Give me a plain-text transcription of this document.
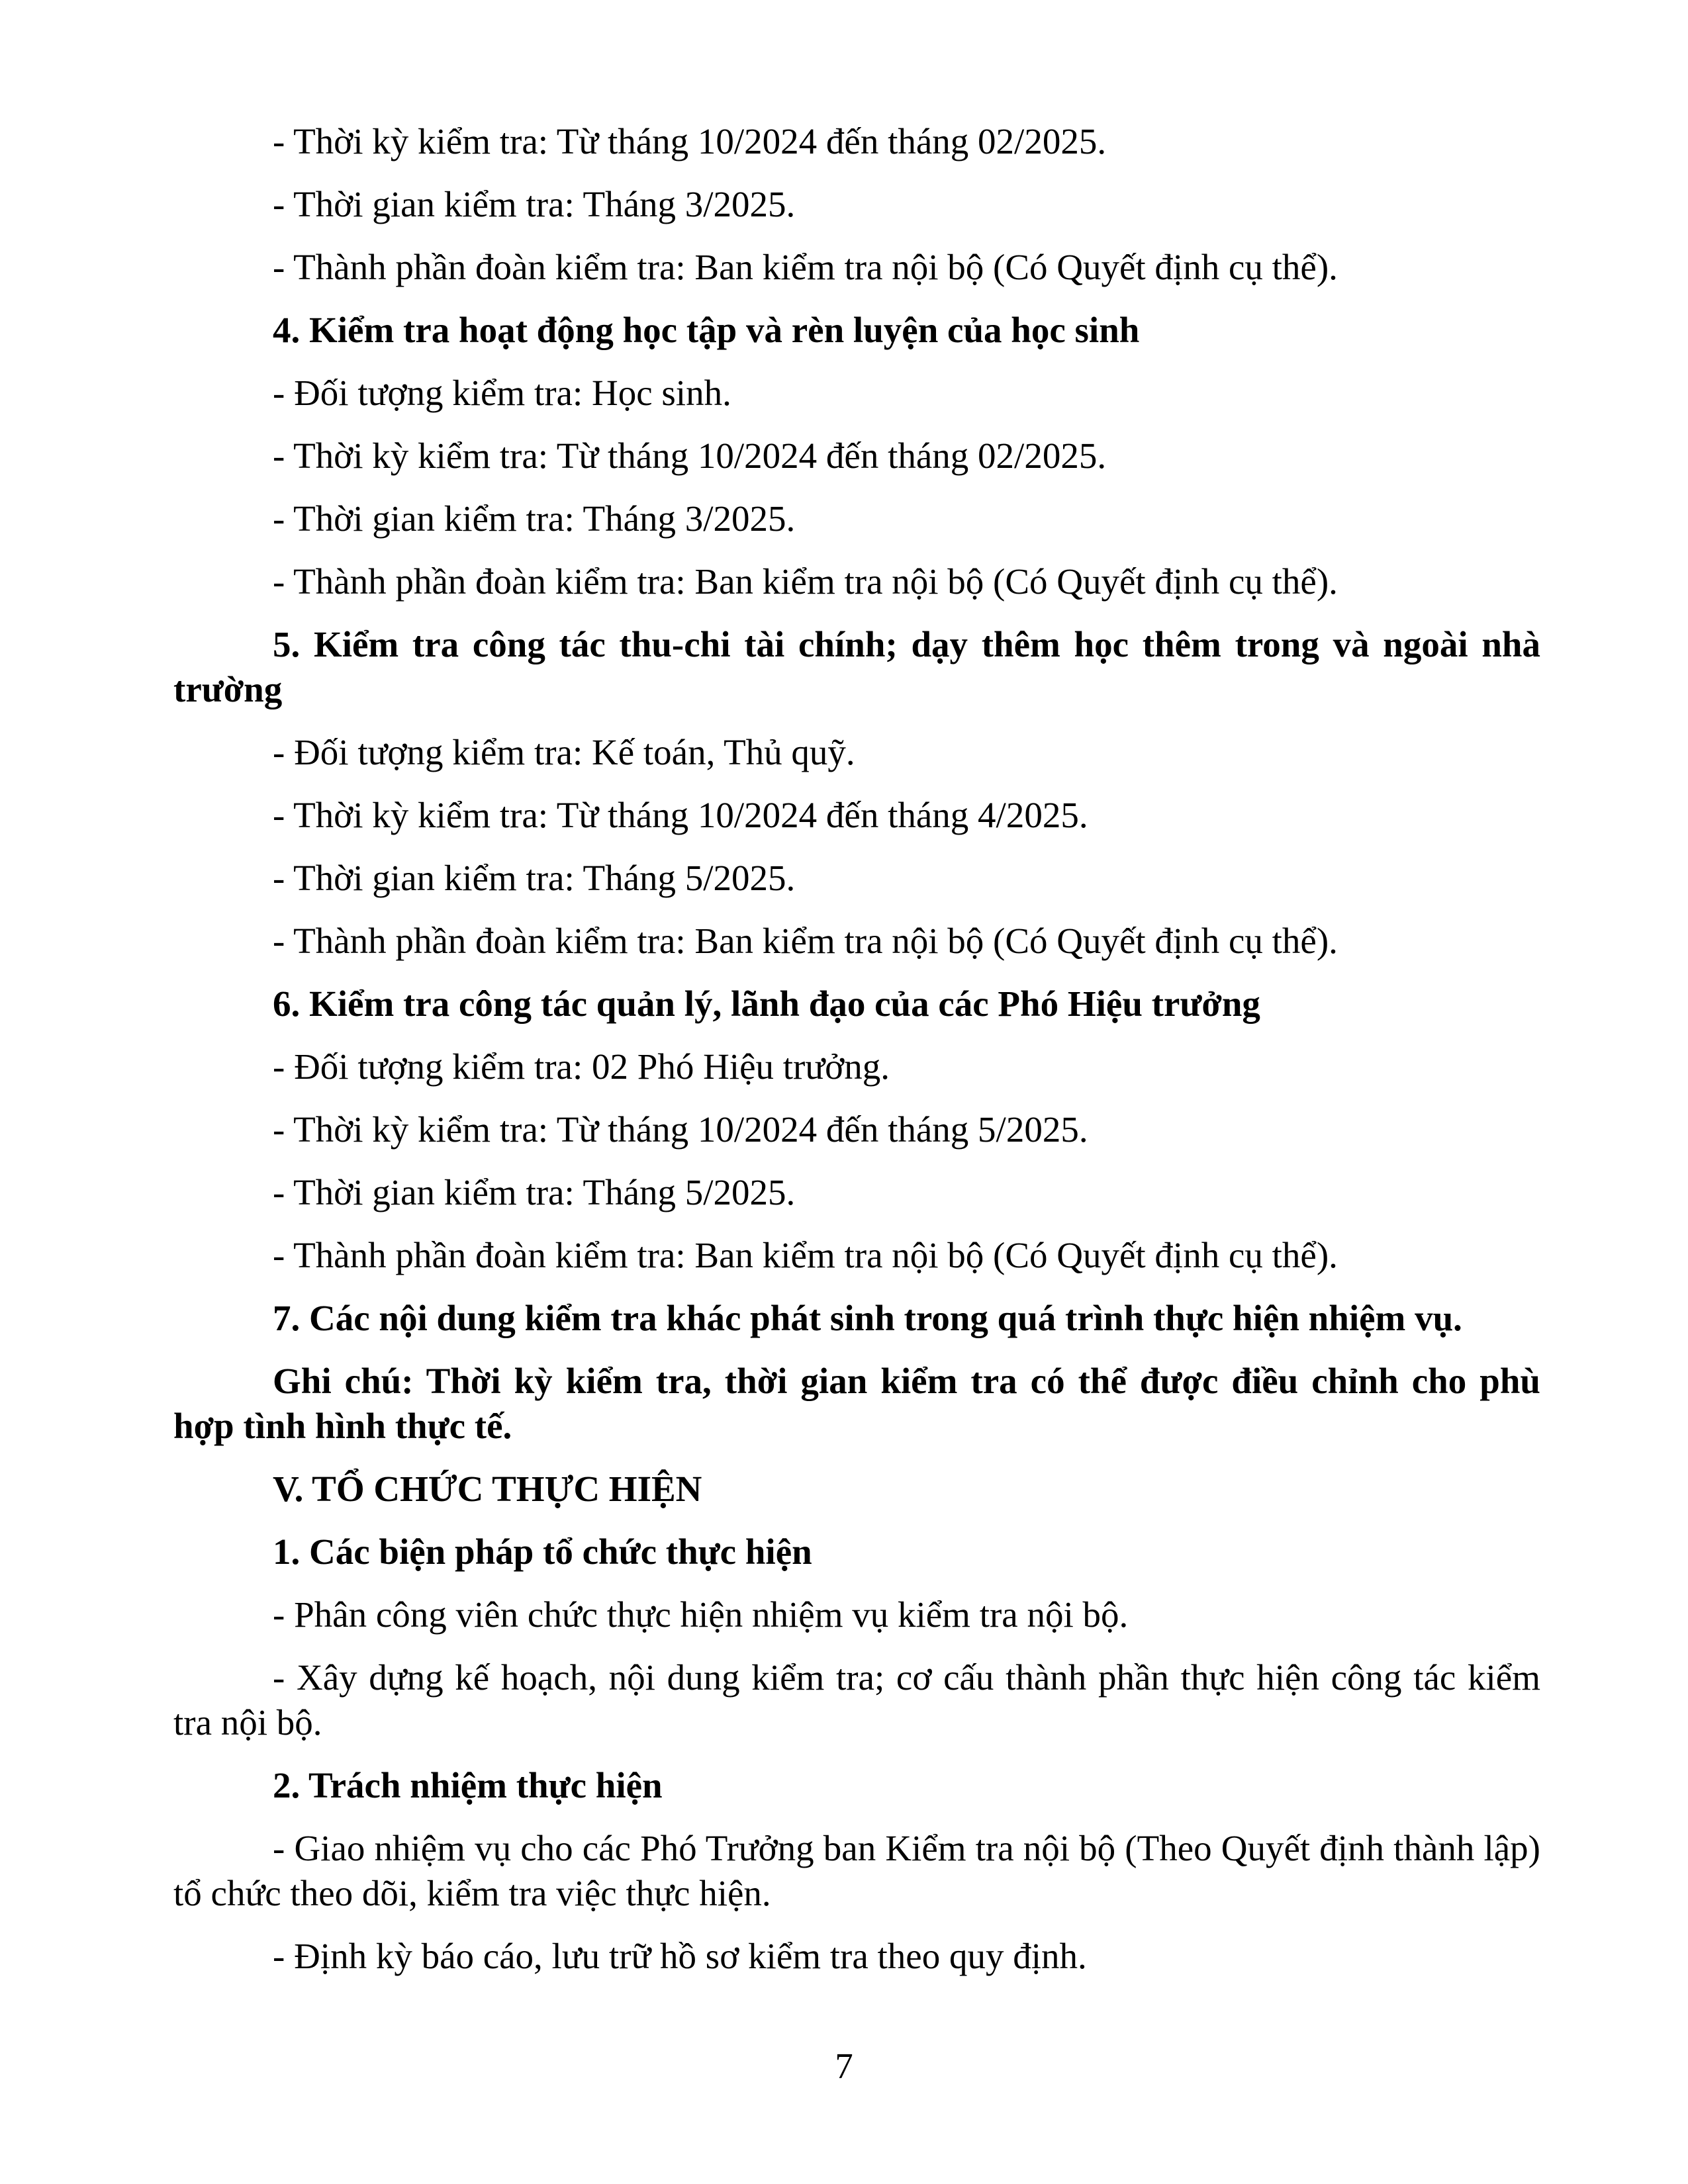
- Thời kỳ kiểm tra: Từ tháng 10/2024 đến tháng 02/2025.

- Thời gian kiểm tra: Tháng 3/2025.

- Thành phần đoàn kiểm tra: Ban kiểm tra nội bộ (Có Quyết định cụ thể).

4. Kiểm tra hoạt động học tập và rèn luyện của học sinh

- Đối tượng kiểm tra: Học sinh.

- Thời kỳ kiểm tra: Từ tháng 10/2024 đến tháng 02/2025.

- Thời gian kiểm tra: Tháng 3/2025.

- Thành phần đoàn kiểm tra: Ban kiểm tra nội bộ (Có Quyết định cụ thể).

5. Kiểm tra công tác thu-chi tài chính; dạy thêm học thêm trong và ngoài nhà trường

- Đối tượng kiểm tra: Kế toán, Thủ quỹ.

- Thời kỳ kiểm tra: Từ tháng 10/2024 đến tháng 4/2025.

- Thời gian kiểm tra: Tháng 5/2025.

- Thành phần đoàn kiểm tra: Ban kiểm tra nội bộ (Có Quyết định cụ thể).

6. Kiểm tra công tác quản lý, lãnh đạo của các Phó Hiệu trưởng

- Đối tượng kiểm tra: 02 Phó Hiệu trưởng.

- Thời kỳ kiểm tra: Từ tháng 10/2024 đến tháng 5/2025.

- Thời gian kiểm tra: Tháng 5/2025.

- Thành phần đoàn kiểm tra: Ban kiểm tra nội bộ (Có Quyết định cụ thể).

7. Các nội dung kiểm tra khác phát sinh trong quá trình thực hiện nhiệm vụ.

Ghi chú: Thời kỳ kiểm tra, thời gian kiểm tra có thể được điều chỉnh cho phù hợp tình hình thực tế.

V. TỔ CHỨC THỰC HIỆN

1. Các biện pháp tổ chức thực hiện

- Phân công viên chức thực hiện nhiệm vụ kiểm tra nội bộ.

- Xây dựng kế hoạch, nội dung kiểm tra; cơ cấu thành phần thực hiện công tác kiểm tra nội bộ.

2. Trách nhiệm thực hiện

- Giao nhiệm vụ cho các Phó Trưởng ban Kiểm tra nội bộ (Theo Quyết định thành lập) tổ chức theo dõi, kiểm tra việc thực hiện.

- Định kỳ báo cáo, lưu trữ hồ sơ kiểm tra theo quy định.

7
